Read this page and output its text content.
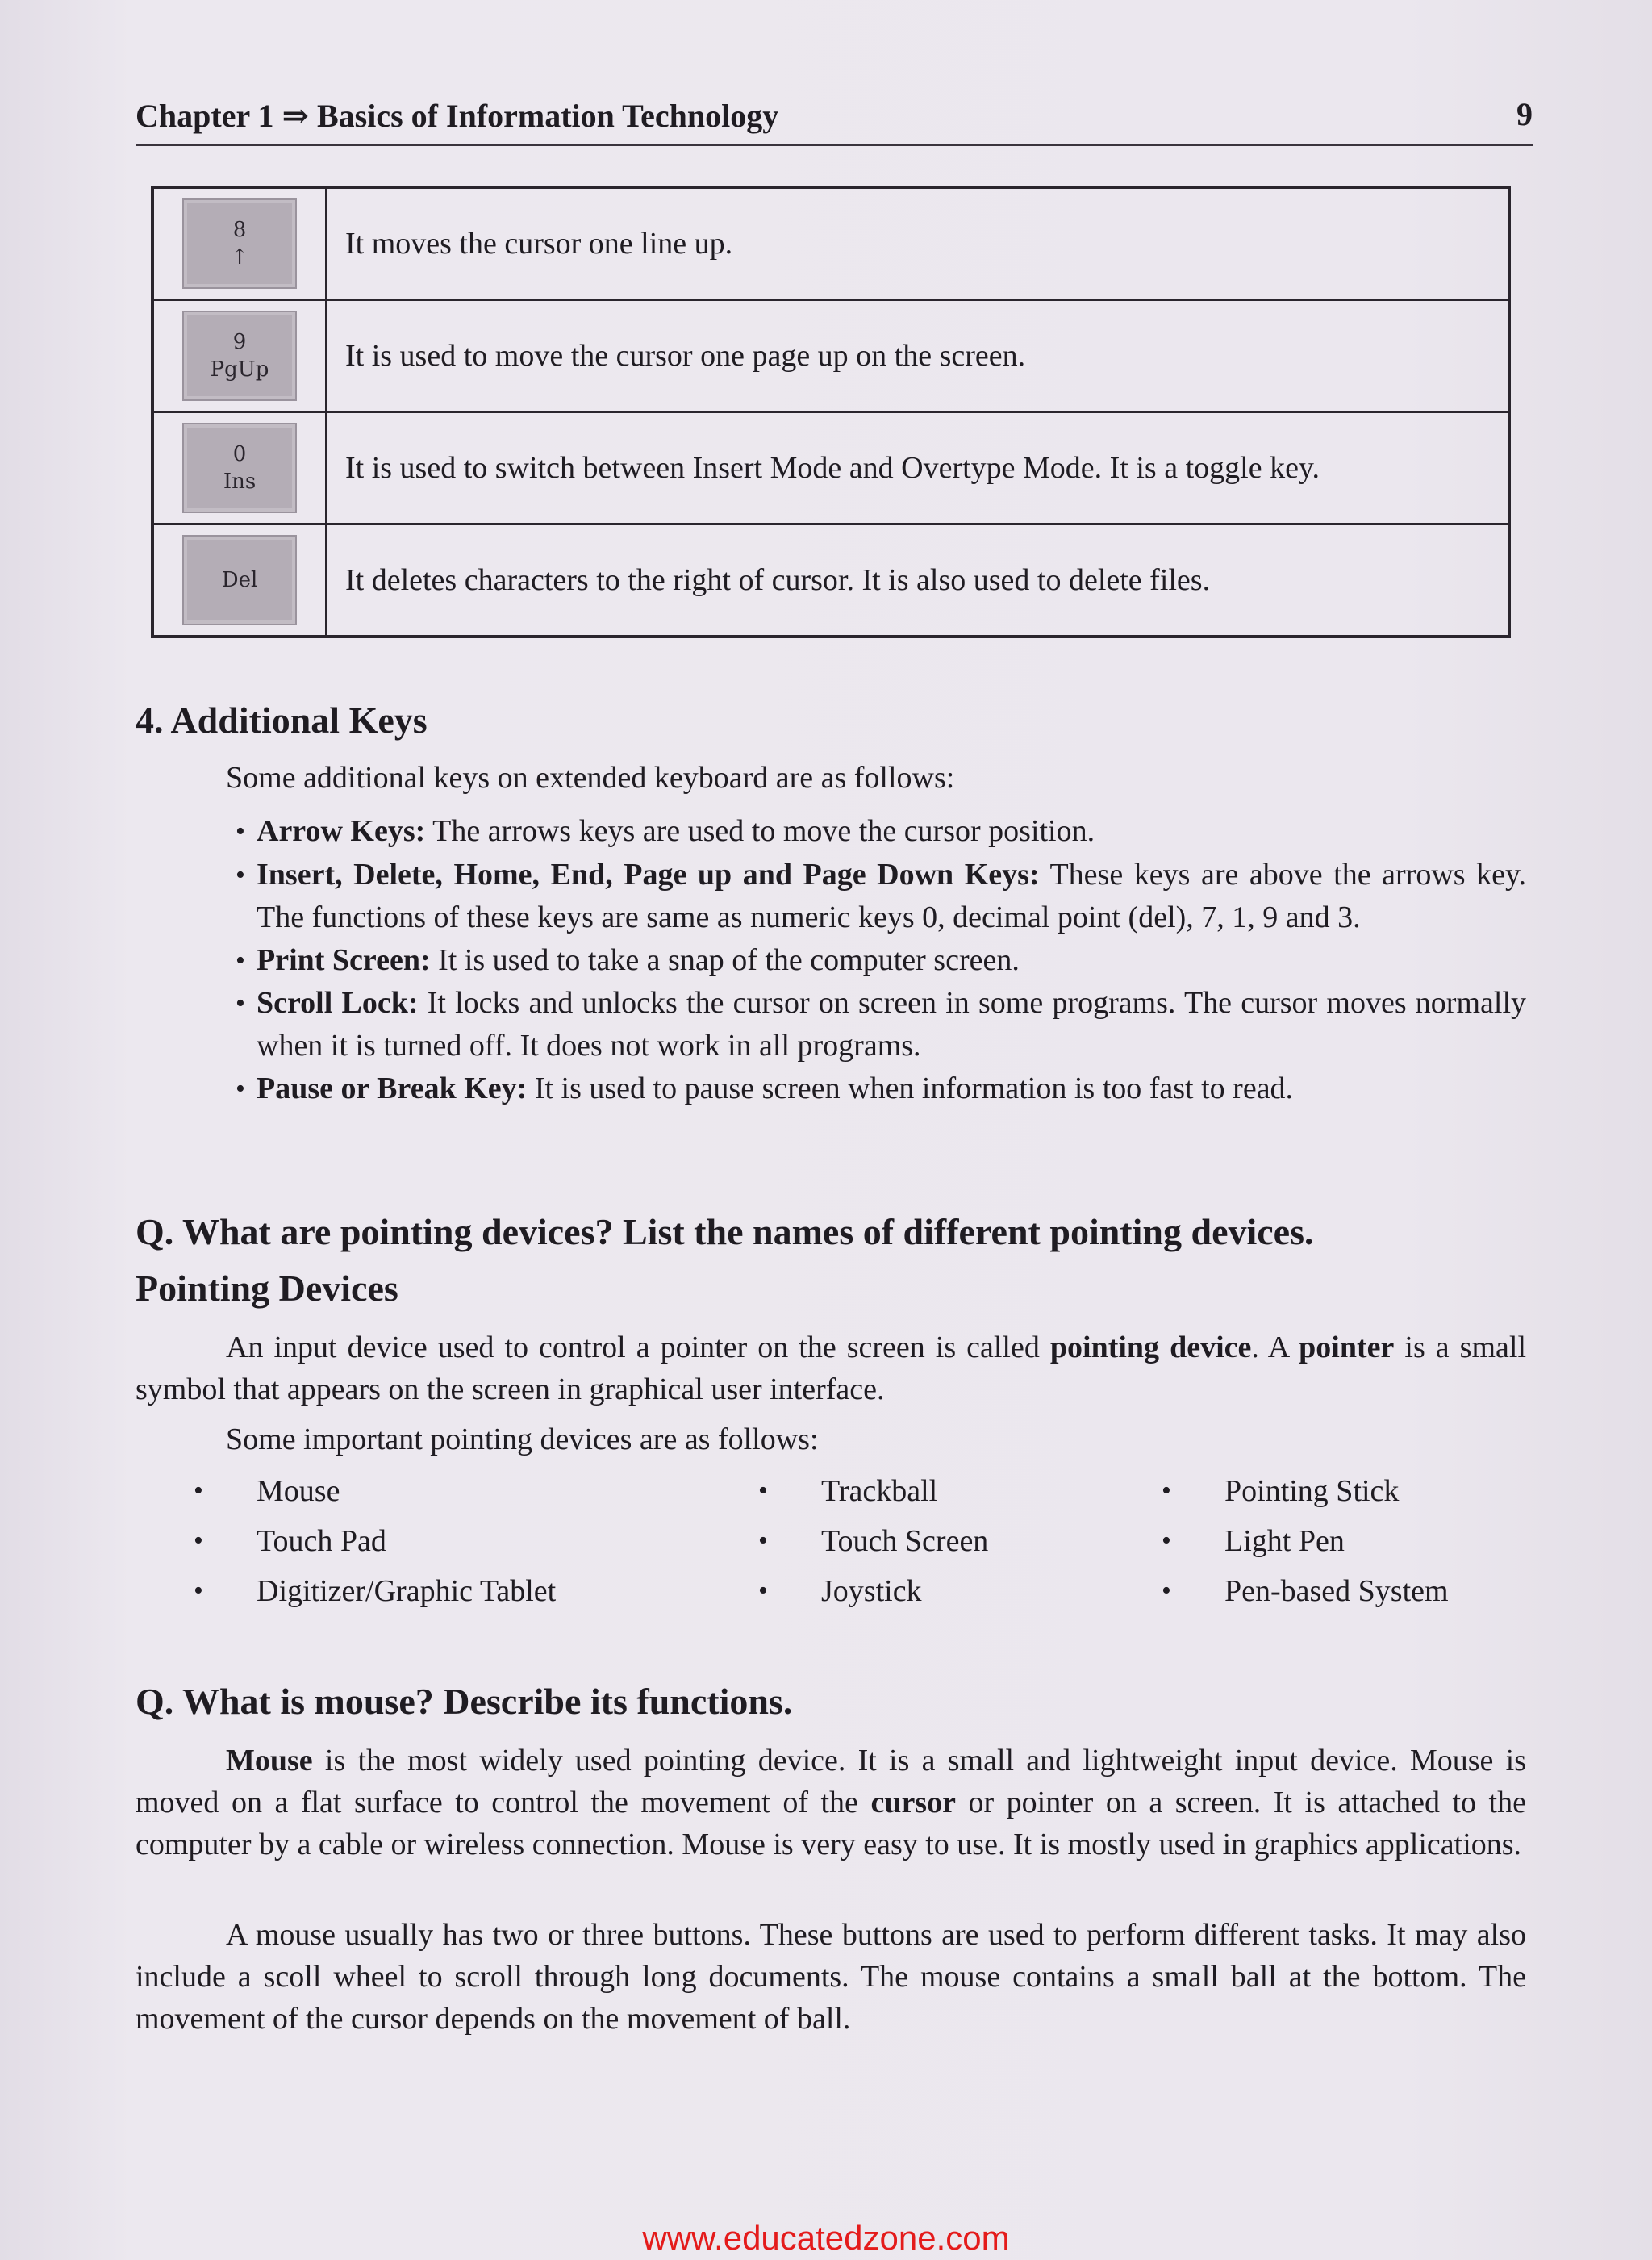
Chapter 1 ⇒ Basics of Information Technology	9
8
↑	It moves the cursor one line up.

9
PgUp	It is used to move the cursor one page up on the screen.

0
Ins	It is used to switch between Insert Mode and Overtype Mode. It is a toggle key.

Del	It deletes characters to the right of cursor. It is also used to delete files.
4. Additional Keys
Some additional keys on extended keyboard are as follows:
• Arrow Keys: The arrows keys are used to move the cursor position.
• Insert, Delete, Home, End, Page up and Page Down Keys: These keys are above the arrows key. The functions of these keys are same as numeric keys 0, decimal point (del), 7, 1, 9 and 3.
• Print Screen: It is used to take a snap of the computer screen.
• Scroll Lock: It locks and unlocks the cursor on screen in some programs. The cursor moves normally when it is turned off. It does not work in all programs.
• Pause or Break Key: It is used to pause screen when information is too fast to read.
Q. What are pointing devices? List the names of different pointing devices.
Pointing Devices
An input device used to control a pointer on the screen is called pointing device. A pointer is a small symbol that appears on the screen in graphical user interface.
Some important pointing devices are as follows:
• Mouse	• Trackball	• Pointing Stick
• Touch Pad	• Touch Screen	• Light Pen
• Digitizer/Graphic Tablet	• Joystick	• Pen-based System
Q. What is mouse? Describe its functions.
Mouse is the most widely used pointing device. It is a small and lightweight input device. Mouse is moved on a flat surface to control the movement of the cursor or pointer on a screen. It is attached to the computer by a cable or wireless connection. Mouse is very easy to use. It is mostly used in graphics applications.
A mouse usually has two or three buttons. These buttons are used to perform different tasks. It may also include a scoll wheel to scroll through long documents. The mouse contains a small ball at the bottom. The movement of the cursor depends on the movement of ball.
www.educatedzone.com
